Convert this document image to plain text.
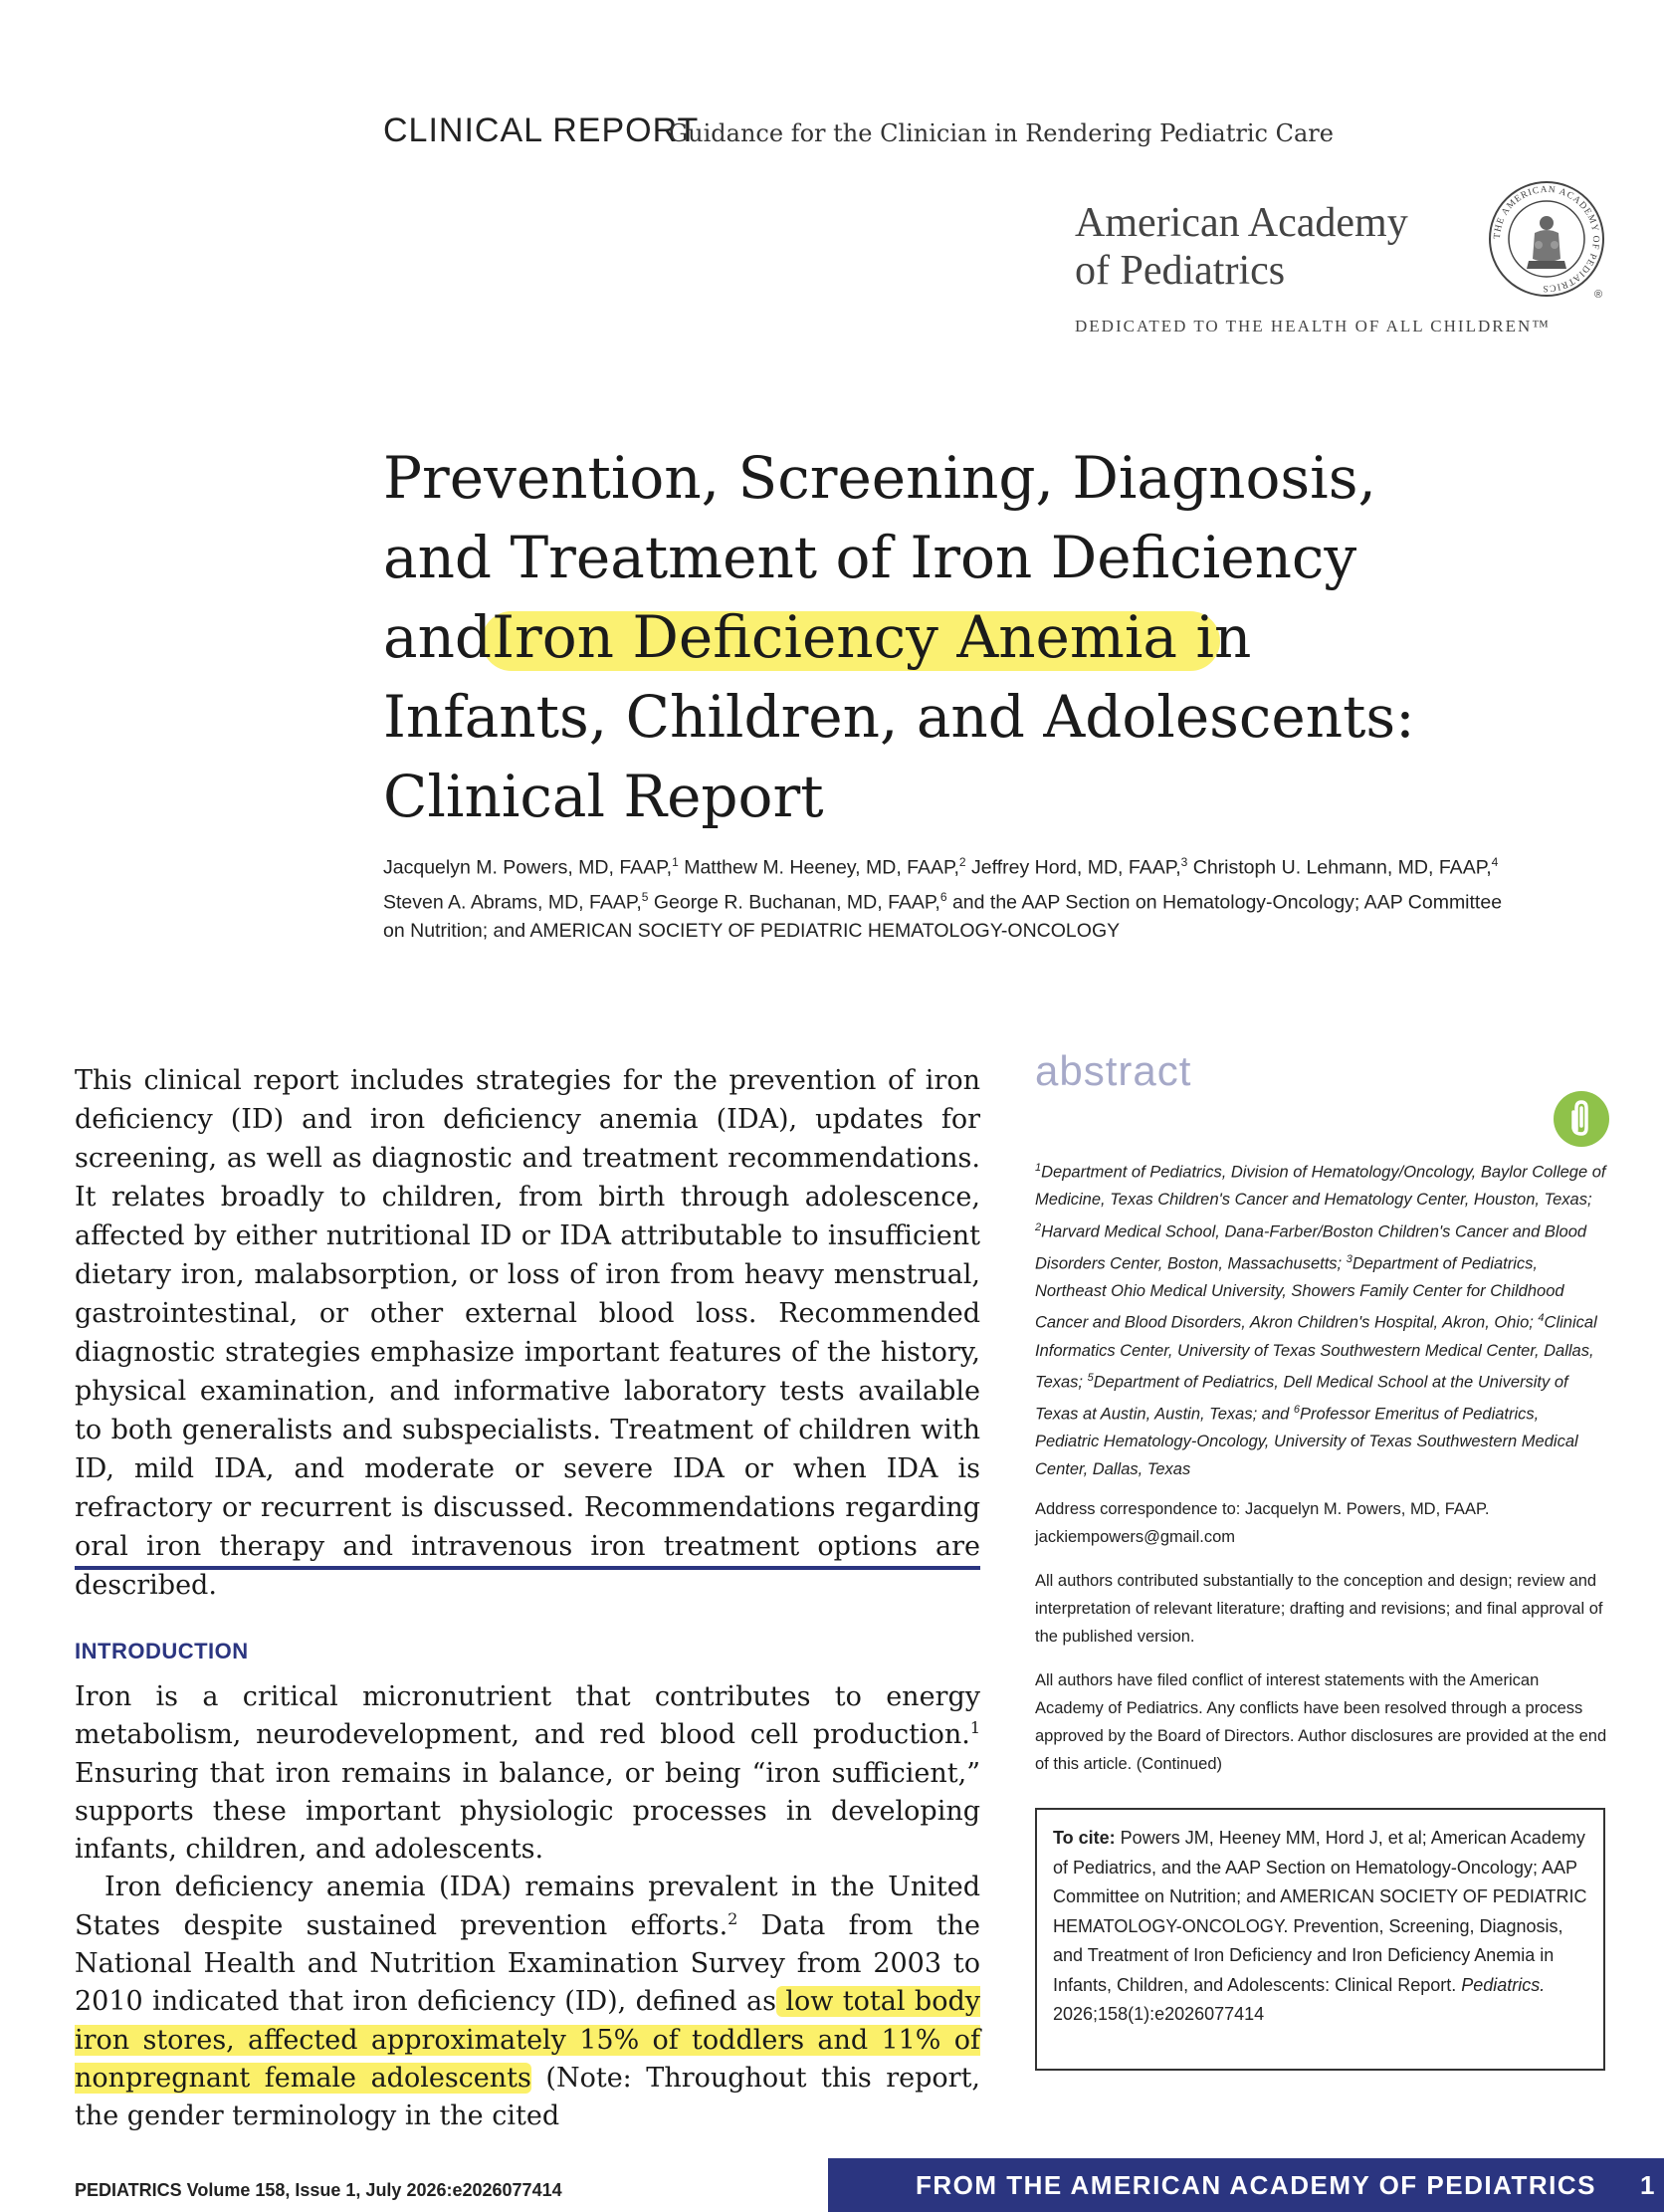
CLINICAL REPORT
Guidance for the Clinician in Rendering Pediatric Care
American Academy
of Pediatrics
THE AMERICAN ACADEMY OF PEDIATRICS
®
DEDICATED TO THE HEALTH OF ALL CHILDREN™
Prevention, Screening, Diagnosis,
and Treatment of Iron Deficiency
andIron Deficiency Anemia in
Infants, Children, and Adolescents:
Clinical Report
Jacquelyn M. Powers, MD, FAAP,$^1$ Matthew M. Heeney, MD, FAAP,$^2$ Jeffrey Hord, MD, FAAP,$^3$ Christoph U. Lehmann, MD, FAAP,$^4$ Steven A. Abrams, MD, FAAP,$^5$ George R. Buchanan, MD, FAAP,$^6$ and the AAP Section on Hematology-Oncology; AAP Committee on Nutrition; and AMERICAN SOCIETY OF PEDIATRIC HEMATOLOGY-ONCOLOGY
This clinical report includes strategies for the prevention of iron deficiency (ID) and iron deficiency anemia (IDA), updates for screening, as well as diagnostic and treatment recommendations. It relates broadly to children, from birth through adolescence, affected by either nutritional ID or IDA attributable to insufficient dietary iron, malabsorption, or loss of iron from heavy menstrual, gastrointestinal, or other external blood loss. Recommended diagnostic strategies emphasize important features of the history, physical examination, and informative laboratory tests available to both generalists and subspecialists. Treatment of children with ID, mild IDA, and moderate or severe IDA or when IDA is refractory or recurrent is discussed. Recommendations regarding oral iron therapy and intravenous iron treatment options are described.
INTRODUCTION

Iron is a critical micronutrient that contributes to energy metabolism, neurodevelopment, and red blood cell production.$^1$ Ensuring that iron remains in balance, or being “iron sufficient,” supports these important physiologic processes in developing infants, children, and adolescents.

Iron deficiency anemia (IDA) remains prevalent in the United States despite sustained prevention efforts.$^2$ Data from the National Health and Nutrition Examination Survey from 2003 to 2010 indicated that iron deficiency (ID), defined as low total body iron stores, affected approximately 15% of toddlers and 11% of nonpregnant female adolescents (Note: Throughout this report, the gender terminology in the cited

abstract
$^1$Department of Pediatrics, Division of Hematology/Oncology, Baylor College of Medicine, Texas Children's Cancer and Hematology Center, Houston, Texas; $^2$Harvard Medical School, Dana-Farber/Boston Children's Cancer and Blood Disorders Center, Boston, Massachusetts; $^3$Department of Pediatrics, Northeast Ohio Medical University, Showers Family Center for Childhood Cancer and Blood Disorders, Akron Children's Hospital, Akron, Ohio; $^4$Clinical Informatics Center, University of Texas Southwestern Medical Center, Dallas, Texas; $^5$Department of Pediatrics, Dell Medical School at the University of Texas at Austin, Austin, Texas; and $^6$Professor Emeritus of Pediatrics, Pediatric Hematology-Oncology, University of Texas Southwestern Medical Center, Dallas, Texas
Address correspondence to: Jacquelyn M. Powers, MD, FAAP. jackiempowers@gmail.com
All authors contributed substantially to the conception and design; review and interpretation of relevant literature; drafting and revisions; and final approval of the published version.
All authors have filed conflict of interest statements with the American Academy of Pediatrics. Any conflicts have been resolved through a process approved by the Board of Directors. Author disclosures are provided at the end of this article. (Continued)
To cite: Powers JM, Heeney MM, Hord J, et al; American Academy of Pediatrics, and the AAP Section on Hematology-Oncology; AAP Committee on Nutrition; and AMERICAN SOCIETY OF PEDIATRIC HEMATOLOGY-ONCOLOGY. Prevention, Screening, Diagnosis, and Treatment of Iron Deficiency and Iron Deficiency Anemia in Infants, Children, and Adolescents: Clinical Report. Pediatrics. 2026;158(1):e2026077414
PEDIATRICS Volume 158, Issue 1, July 2026:e2026077414	FROM THE AMERICAN ACADEMY OF PEDIATRICS 1
